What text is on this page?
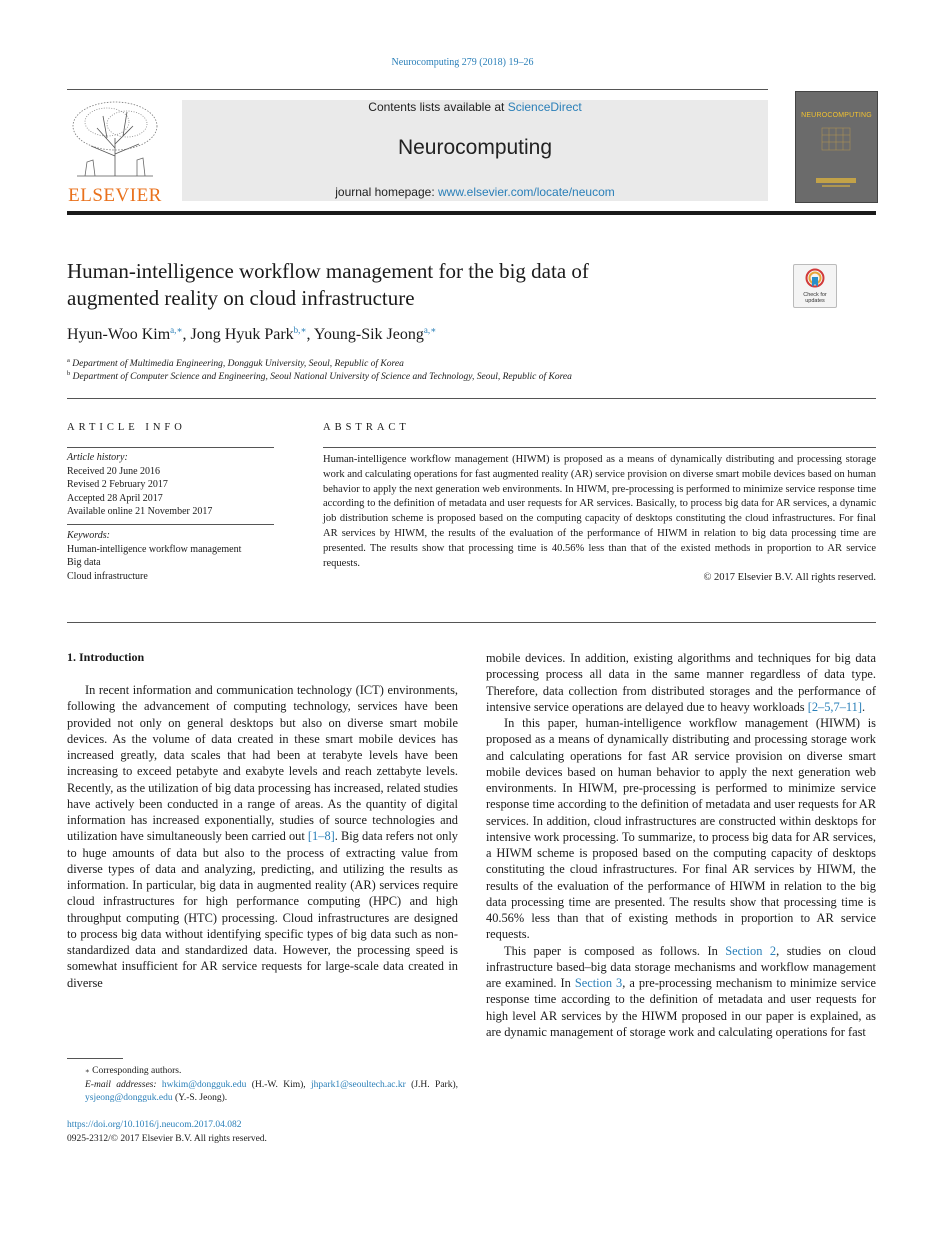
Neurocomputing 279 (2018) 19–26
ELSEVIER
Contents lists available at ScienceDirect
Neurocomputing
journal homepage: www.elsevier.com/locate/neucom
NEUROCOMPUTING
Human-intelligence workflow management for the big data of
augmented reality on cloud infrastructure	Check for updates
Hyun-Woo Kim$^{a,∗}$, Jong Hyuk Park$^{b,∗}$, Young-Sik Jeong$^{a,∗}$
$^a$ Department of Multimedia Engineering, Dongguk University, Seoul, Republic of Korea
$^b$ Department of Computer Science and Engineering, Seoul National University of Science and Technology, Seoul, Republic of Korea
ARTICLE INFO
Article history:
Received 20 June 2016
Revised 2 February 2017
Accepted 28 April 2017
Available online 21 November 2017
Keywords:
Human-intelligence workflow management
Big data
Cloud infrastructure
ABSTRACT
Human-intelligence workflow management (HIWM) is proposed as a means of dynamically distributing and processing storage work and calculating operations for fast augmented reality (AR) service provision on diverse smart mobile devices based on human behavior to apply the next generation web environments. In HIWM, pre-processing is performed to minimize service response time according to the definition of metadata and user requests for AR services. Basically, to process big data for AR services, a dynamic job distribution scheme is proposed based on the computing capacity of desktops constituting the cloud infrastructures. For final AR services by HIWM, the results of the evaluation of the performance of HIWM in relation to big data processing time are presented. The results show that processing time is 40.56% less than that of the existed methods in proportion to AR service requests.
© 2017 Elsevier B.V. All rights reserved.
1. Introduction

In recent information and communication technology (ICT) environments, following the advancement of computing technology, services have been provided not only on general desktops but also on diverse smart mobile devices. As the volume of data created in these smart mobile devices has increased greatly, data scales that had been at terabyte levels have been increasing to exceed petabyte and exabyte levels and reach zettabyte levels. Recently, as the utilization of big data processing has increased, related studies have actively been conducted in a range of areas. As the quantity of digital information has increased exponentially, studies of source technologies and utilization have simultaneously been carried out [1–8]. Big data refers not only to huge amounts of data but also to the process of extracting value from diverse types of data and analyzing, predicting, and utilizing the results as information. In particular, big data in augmented reality (AR) services require cloud infrastructures for high performance computing (HPC) and high throughput computing (HTC) processing. Cloud infrastructures are designed to process big data without identifying specific types of big data such as non-standardized data and standardized data. However, the processing speed is somewhat insufficient for AR service requests for large-scale data created in diverse

mobile devices. In addition, existing algorithms and techniques for big data processing process all data in the same manner regardless of data type. Therefore, data collection from distributed storages and the performance of intensive service operations are delayed due to heavy workloads [2–5,7–11].

In this paper, human-intelligence workflow management (HIWM) is proposed as a means of dynamically distributing and processing storage work and calculating operations for fast AR service provision on diverse smart mobile devices based on human behavior to apply the next generation web environments. In HIWM, pre-processing is performed to minimize service response time according to the definition of metadata and user requests for AR services. In addition, cloud infrastructures are constructed within desktops for intensive work processing. To summarize, to process big data for AR services, a HIWM scheme is proposed based on the computing capacity of desktops constituting the cloud infrastructures. For final AR services by HIWM, the results of the evaluation of the performance of HIWM in relation to the big data processing time are presented. The results show that processing time is 40.56% less than that of existing methods in proportion to AR service requests.

This paper is composed as follows. In Section 2, studies on cloud infrastructure based–big data storage mechanisms and workflow management are examined. In Section 3, a pre-processing mechanism to minimize service response time according to the definition of metadata and user requests for high level AR services by the HIWM proposed in our paper is explained, as are dynamic management of storage work and calculating operations for fast

∗ Corresponding authors.
E-mail addresses: hwkim@dongguk.edu (H.-W. Kim), jhpark1@seoultech.ac.kr (J.H. Park), ysjeong@dongguk.edu (Y.-S. Jeong).
https://doi.org/10.1016/j.neucom.2017.04.082
0925-2312/© 2017 Elsevier B.V. All rights reserved.
